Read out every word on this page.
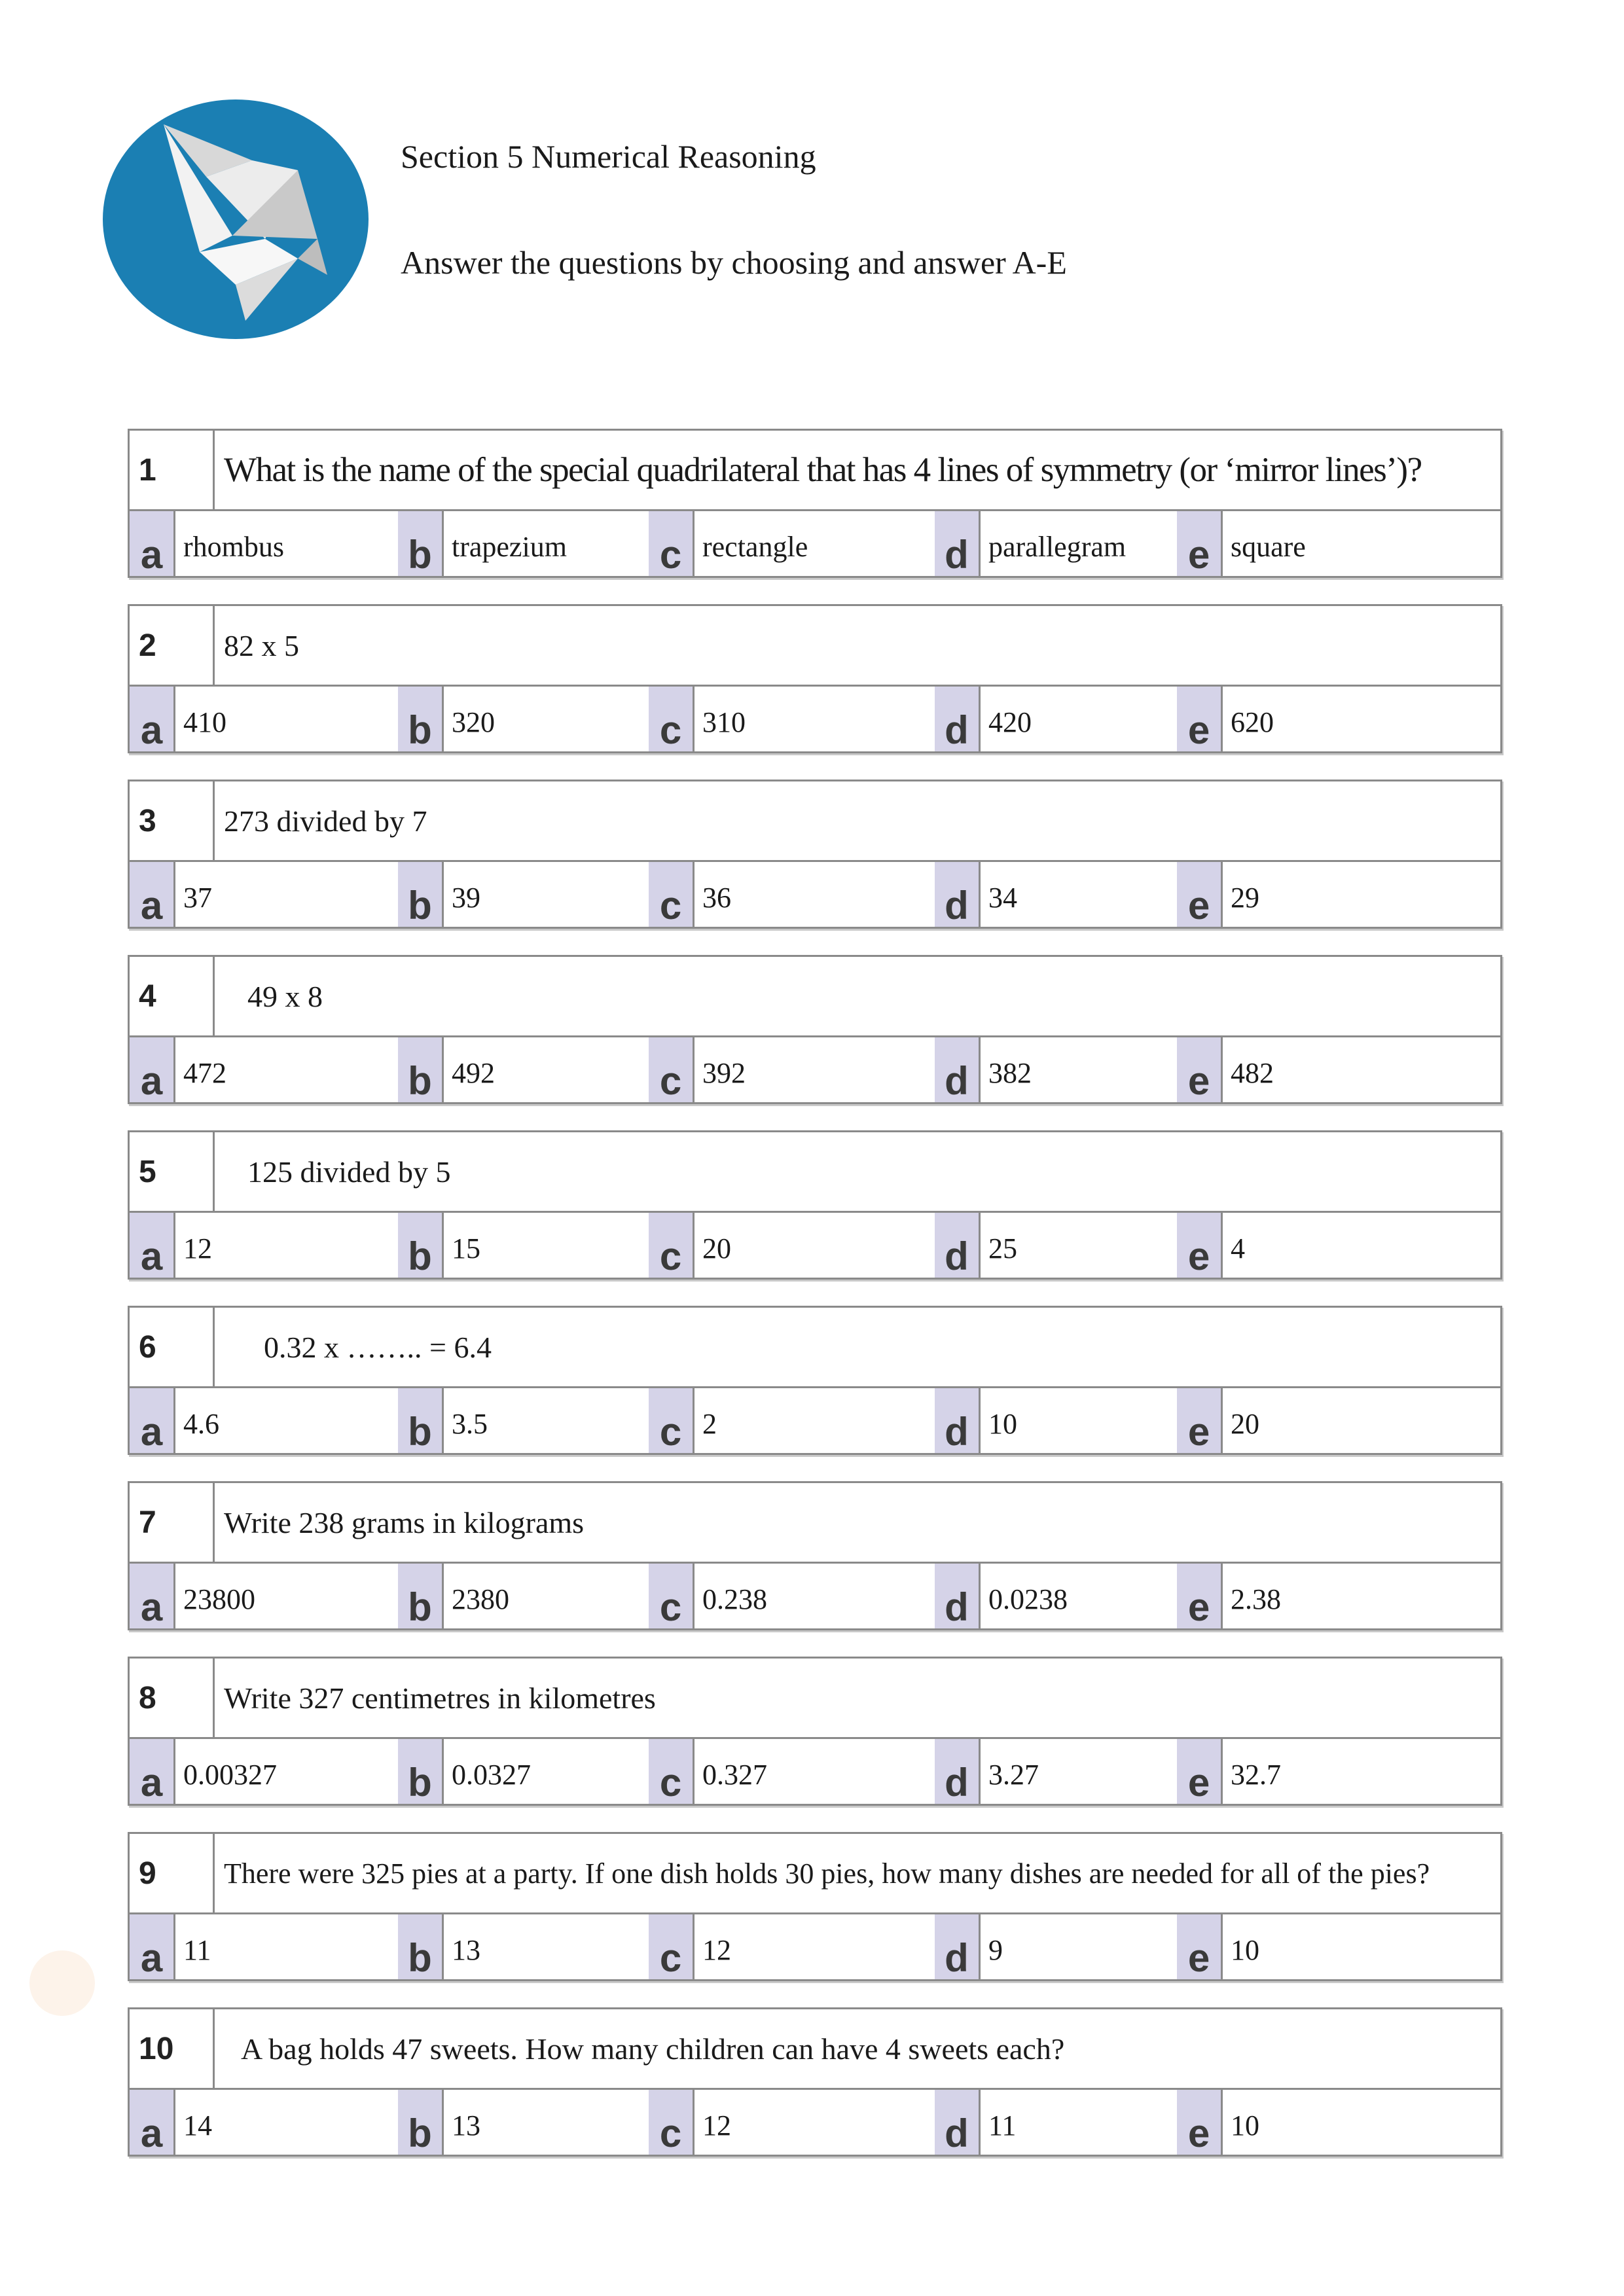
Section 5 Numerical Reasoning
Answer the questions by choosing and answer A-E
1	What is the name of the special quadrilateral that has 4 lines of symmetry (or ‘mirror lines’)?
a rhombus	b trapezium	c rectangle	d parallegram	e square
2	82 x 5
a 410	b 320	c 310	d 420	e 620
3	273 divided by 7
a 37	b 39	c 36	d 34	e 29
4	49 x 8
a 472	b 492	c 392	d 382	e 482
5	125 divided by 5
a 12	b 15	c 20	d 25	e 4
6	0.32 x …….. = 6.4
a 4.6	b 3.5	c 2	d 10	e 20
7	Write 238 grams in kilograms
a 23800	b 2380	c 0.238	d 0.0238	e 2.38
8	Write 327 centimetres in kilometres
a 0.00327	b 0.0327	c 0.327	d 3.27	e 32.7
9	There were 325 pies at a party. If one dish holds 30 pies, how many dishes are needed for all of the pies?
a 11	b 13	c 12	d 9	e 10
10	A bag holds 47 sweets. How many children can have 4 sweets each?
a 14	b 13	c 12	d 11	e 10
